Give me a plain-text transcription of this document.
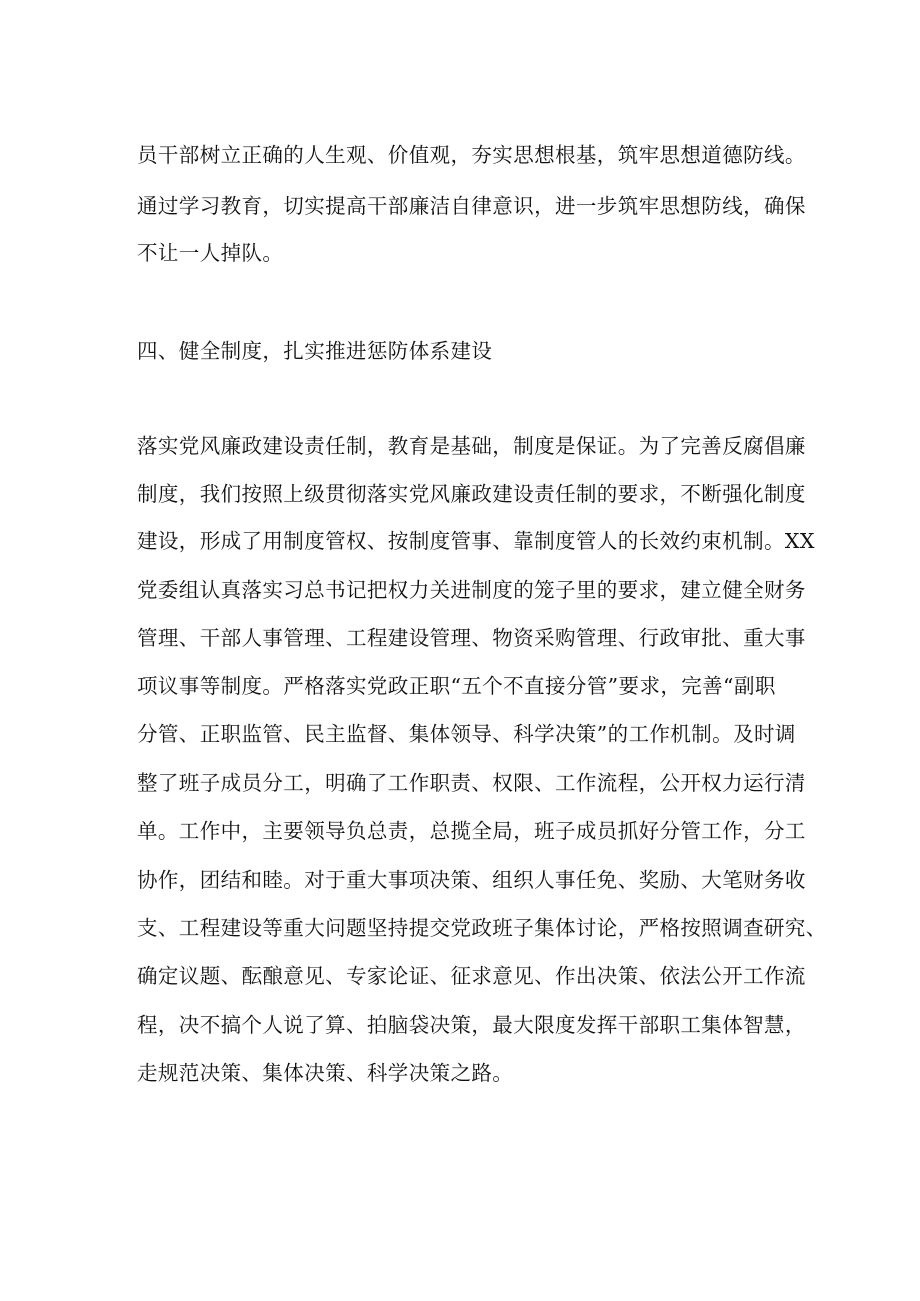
员干部树立正确的人生观、价值观，夯实思想根基，筑牢思想道德防线。

通过学习教育，切实提高干部廉洁自律意识，进一步筑牢思想防线，确保

不让一人掉队。

四、健全制度，扎实推进惩防体系建设

落实党风廉政建设责任制，教育是基础，制度是保证。为了完善反腐倡廉

制度，我们按照上级贯彻落实党风廉政建设责任制的要求，不断强化制度

建设，形成了用制度管权、按制度管事、靠制度管人的长效约束机制。XX

党委组认真落实习总书记把权力关进制度的笼子里的要求，建立健全财务

管理、干部人事管理、工程建设管理、物资采购管理、行政审批、重大事

项议事等制度。严格落实党政正职“五个不直接分管”要求，完善“副职

分管、正职监管、民主监督、集体领导、科学决策”的工作机制。及时调

整了班子成员分工，明确了工作职责、权限、工作流程，公开权力运行清

单。工作中，主要领导负总责，总揽全局，班子成员抓好分管工作，分工

协作，团结和睦。对于重大事项决策、组织人事任免、奖励、大笔财务收

支、工程建设等重大问题坚持提交党政班子集体讨论，严格按照调查研究、

确定议题、酝酿意见、专家论证、征求意见、作出决策、依法公开工作流

程，决不搞个人说了算、拍脑袋决策，最大限度发挥干部职工集体智慧，

走规范决策、集体决策、科学决策之路。
